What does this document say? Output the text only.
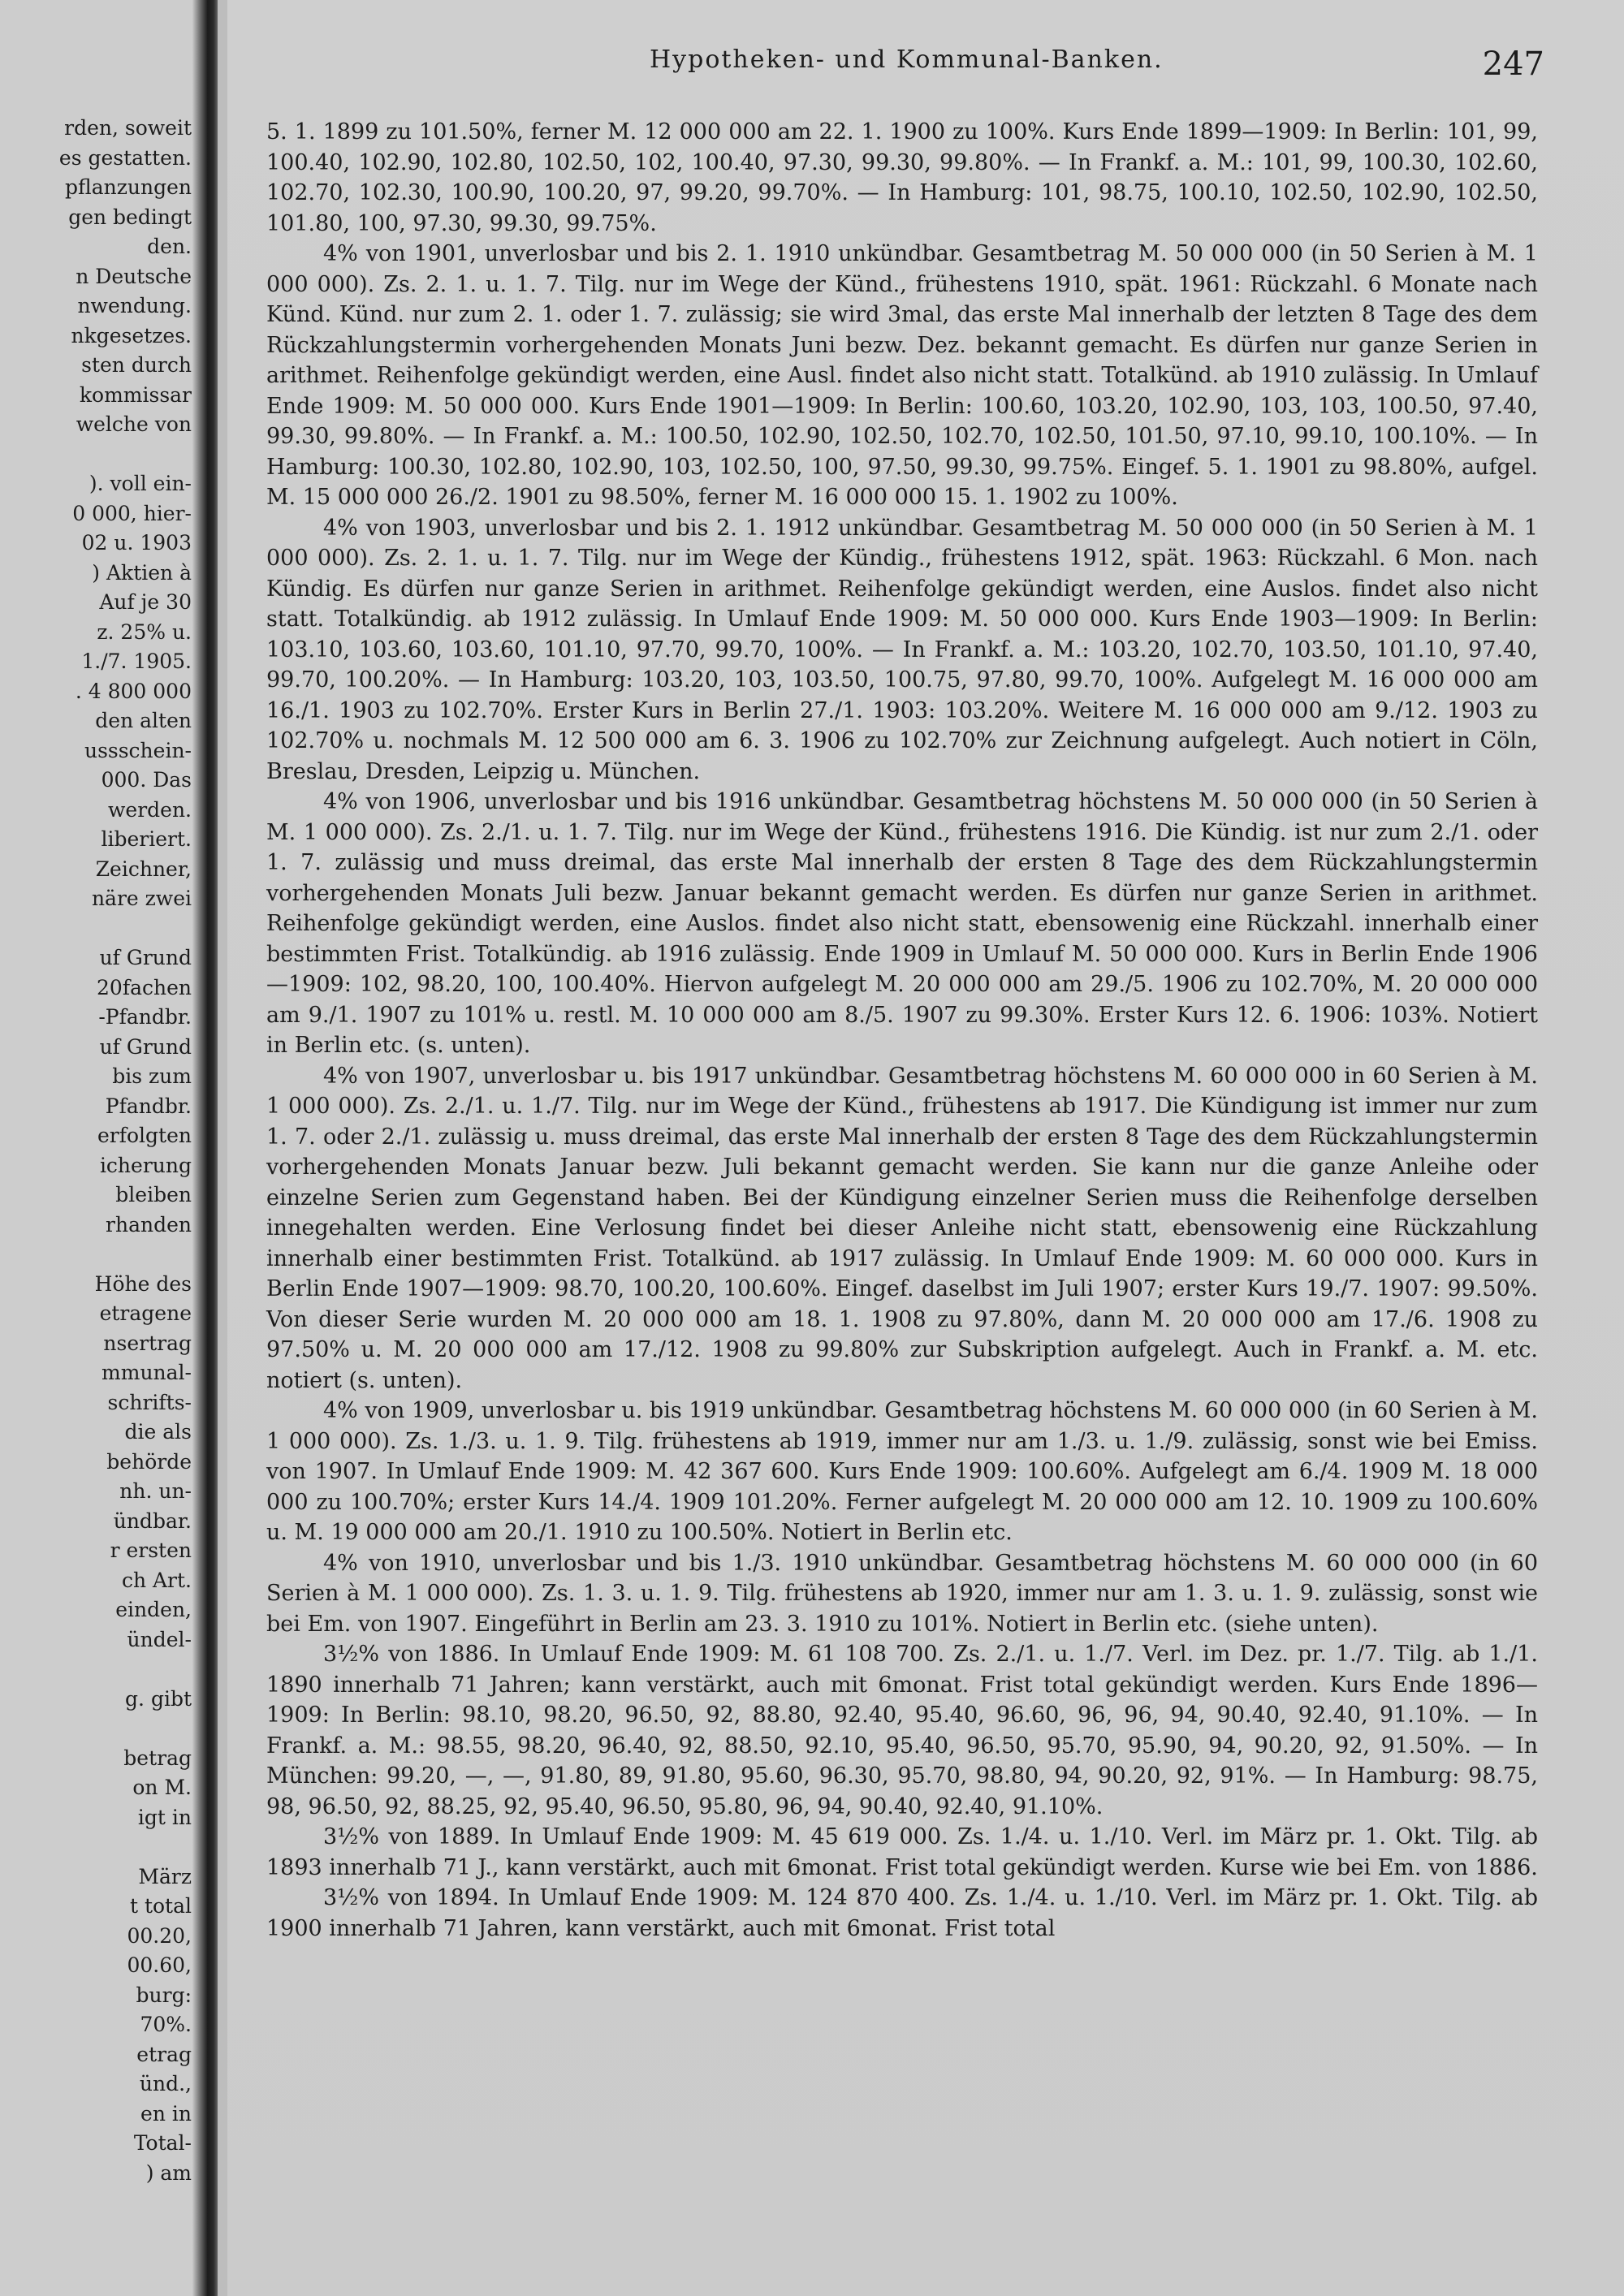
rden, soweit
es gestatten.
pflanzungen
gen bedingt
den.
n Deutsche
nwendung.
nkgesetzes.
sten durch
kommissar
welche von
). voll ein-
0 000, hier-
02 u. 1903
) Aktien à
Auf je 30
z. 25% u.
1./7. 1905.
. 4 800 000
den alten
ussschein-
000. Das
werden.
liberiert.
Zeichner,
näre zwei
uf Grund
20fachen
-Pfandbr.
uf Grund
bis zum
Pfandbr.
erfolgten
icherung
bleiben
rhanden
Höhe des
etragene
nsertrag
mmunal-
schrifts-
die als
behörde
nh. un-
ündbar.
r ersten
ch Art.
einden,
ündel-
g. gibt
betrag
on M.
igt in
März
t total
00.20,
00.60,
burg:
70%.
etrag
ünd.,
en in
Total-
) am
Hypotheken- und Kommunal-Banken.	247

5. 1. 1899 zu 101.50%, ferner M. 12 000 000 am 22. 1. 1900 zu 100%. Kurs Ende 1899—1909: In Berlin: 101, 99, 100.40, 102.90, 102.80, 102.50, 102, 100.40, 97.30, 99.30, 99.80%. — In Frankf. a. M.: 101, 99, 100.30, 102.60, 102.70, 102.30, 100.90, 100.20, 97, 99.20, 99.70%. — In Hamburg: 101, 98.75, 100.10, 102.50, 102.90, 102.50, 101.80, 100, 97.30, 99.30, 99.75%.

4% von 1901, unverlosbar und bis 2. 1. 1910 unkündbar. Gesamtbetrag M. 50 000 000 (in 50 Serien à M. 1 000 000). Zs. 2. 1. u. 1. 7. Tilg. nur im Wege der Künd., frühestens 1910, spät. 1961: Rückzahl. 6 Monate nach Künd. Künd. nur zum 2. 1. oder 1. 7. zulässig; sie wird 3mal, das erste Mal innerhalb der letzten 8 Tage des dem Rückzahlungstermin vorhergehenden Monats Juni bezw. Dez. bekannt gemacht. Es dürfen nur ganze Serien in arithmet. Reihenfolge gekündigt werden, eine Ausl. findet also nicht statt. Totalkünd. ab 1910 zulässig. In Umlauf Ende 1909: M. 50 000 000. Kurs Ende 1901—1909: In Berlin: 100.60, 103.20, 102.90, 103, 103, 100.50, 97.40, 99.30, 99.80%. — In Frankf. a. M.: 100.50, 102.90, 102.50, 102.70, 102.50, 101.50, 97.10, 99.10, 100.10%. — In Hamburg: 100.30, 102.80, 102.90, 103, 102.50, 100, 97.50, 99.30, 99.75%. Eingef. 5. 1. 1901 zu 98.80%, aufgel. M. 15 000 000 26./2. 1901 zu 98.50%, ferner M. 16 000 000 15. 1. 1902 zu 100%.

4% von 1903, unverlosbar und bis 2. 1. 1912 unkündbar. Gesamtbetrag M. 50 000 000 (in 50 Serien à M. 1 000 000). Zs. 2. 1. u. 1. 7. Tilg. nur im Wege der Kündig., frühestens 1912, spät. 1963: Rückzahl. 6 Mon. nach Kündig. Es dürfen nur ganze Serien in arithmet. Reihenfolge gekündigt werden, eine Auslos. findet also nicht statt. Totalkündig. ab 1912 zulässig. In Umlauf Ende 1909: M. 50 000 000. Kurs Ende 1903—1909: In Berlin: 103.10, 103.60, 103.60, 101.10, 97.70, 99.70, 100%. — In Frankf. a. M.: 103.20, 102.70, 103.50, 101.10, 97.40, 99.70, 100.20%. — In Hamburg: 103.20, 103, 103.50, 100.75, 97.80, 99.70, 100%. Aufgelegt M. 16 000 000 am 16./1. 1903 zu 102.70%. Erster Kurs in Berlin 27./1. 1903: 103.20%. Weitere M. 16 000 000 am 9./12. 1903 zu 102.70% u. nochmals M. 12 500 000 am 6. 3. 1906 zu 102.70% zur Zeichnung aufgelegt. Auch notiert in Cöln, Breslau, Dresden, Leipzig u. München.

4% von 1906, unverlosbar und bis 1916 unkündbar. Gesamtbetrag höchstens M. 50 000 000 (in 50 Serien à M. 1 000 000). Zs. 2./1. u. 1. 7. Tilg. nur im Wege der Künd., frühestens 1916. Die Kündig. ist nur zum 2./1. oder 1. 7. zulässig und muss dreimal, das erste Mal innerhalb der ersten 8 Tage des dem Rückzahlungstermin vorhergehenden Monats Juli bezw. Januar bekannt gemacht werden. Es dürfen nur ganze Serien in arithmet. Reihenfolge gekündigt werden, eine Auslos. findet also nicht statt, ebensowenig eine Rückzahl. innerhalb einer bestimmten Frist. Totalkündig. ab 1916 zulässig. Ende 1909 in Umlauf M. 50 000 000. Kurs in Berlin Ende 1906—1909: 102, 98.20, 100, 100.40%. Hiervon aufgelegt M. 20 000 000 am 29./5. 1906 zu 102.70%, M. 20 000 000 am 9./1. 1907 zu 101% u. restl. M. 10 000 000 am 8./5. 1907 zu 99.30%. Erster Kurs 12. 6. 1906: 103%. Notiert in Berlin etc. (s. unten).

4% von 1907, unverlosbar u. bis 1917 unkündbar. Gesamtbetrag höchstens M. 60 000 000 in 60 Serien à M. 1 000 000). Zs. 2./1. u. 1./7. Tilg. nur im Wege der Künd., frühestens ab 1917. Die Kündigung ist immer nur zum 1. 7. oder 2./1. zulässig u. muss dreimal, das erste Mal innerhalb der ersten 8 Tage des dem Rückzahlungstermin vorhergehenden Monats Januar bezw. Juli bekannt gemacht werden. Sie kann nur die ganze Anleihe oder einzelne Serien zum Gegenstand haben. Bei der Kündigung einzelner Serien muss die Reihenfolge derselben innegehalten werden. Eine Verlosung findet bei dieser Anleihe nicht statt, ebensowenig eine Rückzahlung innerhalb einer bestimmten Frist. Totalkünd. ab 1917 zulässig. In Umlauf Ende 1909: M. 60 000 000. Kurs in Berlin Ende 1907—1909: 98.70, 100.20, 100.60%. Eingef. daselbst im Juli 1907; erster Kurs 19./7. 1907: 99.50%. Von dieser Serie wurden M. 20 000 000 am 18. 1. 1908 zu 97.80%, dann M. 20 000 000 am 17./6. 1908 zu 97.50% u. M. 20 000 000 am 17./12. 1908 zu 99.80% zur Subskription aufgelegt. Auch in Frankf. a. M. etc. notiert (s. unten).

4% von 1909, unverlosbar u. bis 1919 unkündbar. Gesamtbetrag höchstens M. 60 000 000 (in 60 Serien à M. 1 000 000). Zs. 1./3. u. 1. 9. Tilg. frühestens ab 1919, immer nur am 1./3. u. 1./9. zulässig, sonst wie bei Emiss. von 1907. In Umlauf Ende 1909: M. 42 367 600. Kurs Ende 1909: 100.60%. Aufgelegt am 6./4. 1909 M. 18 000 000 zu 100.70%; erster Kurs 14./4. 1909 101.20%. Ferner aufgelegt M. 20 000 000 am 12. 10. 1909 zu 100.60% u. M. 19 000 000 am 20./1. 1910 zu 100.50%. Notiert in Berlin etc.

4% von 1910, unverlosbar und bis 1./3. 1910 unkündbar. Gesamtbetrag höchstens M. 60 000 000 (in 60 Serien à M. 1 000 000). Zs. 1. 3. u. 1. 9. Tilg. frühestens ab 1920, immer nur am 1. 3. u. 1. 9. zulässig, sonst wie bei Em. von 1907. Eingeführt in Berlin am 23. 3. 1910 zu 101%. Notiert in Berlin etc. (siehe unten).

3½% von 1886. In Umlauf Ende 1909: M. 61 108 700. Zs. 2./1. u. 1./7. Verl. im Dez. pr. 1./7. Tilg. ab 1./1. 1890 innerhalb 71 Jahren; kann verstärkt, auch mit 6monat. Frist total gekündigt werden. Kurs Ende 1896—1909: In Berlin: 98.10, 98.20, 96.50, 92, 88.80, 92.40, 95.40, 96.60, 96, 96, 94, 90.40, 92.40, 91.10%. — In Frankf. a. M.: 98.55, 98.20, 96.40, 92, 88.50, 92.10, 95.40, 96.50, 95.70, 95.90, 94, 90.20, 92, 91.50%. — In München: 99.20, —, —, 91.80, 89, 91.80, 95.60, 96.30, 95.70, 98.80, 94, 90.20, 92, 91%. — In Hamburg: 98.75, 98, 96.50, 92, 88.25, 92, 95.40, 96.50, 95.80, 96, 94, 90.40, 92.40, 91.10%.

3½% von 1889. In Umlauf Ende 1909: M. 45 619 000. Zs. 1./4. u. 1./10. Verl. im März pr. 1. Okt. Tilg. ab 1893 innerhalb 71 J., kann verstärkt, auch mit 6monat. Frist total gekündigt werden. Kurse wie bei Em. von 1886.

3½% von 1894. In Umlauf Ende 1909: M. 124 870 400. Zs. 1./4. u. 1./10. Verl. im März pr. 1. Okt. Tilg. ab 1900 innerhalb 71 Jahren, kann verstärkt, auch mit 6monat. Frist total
